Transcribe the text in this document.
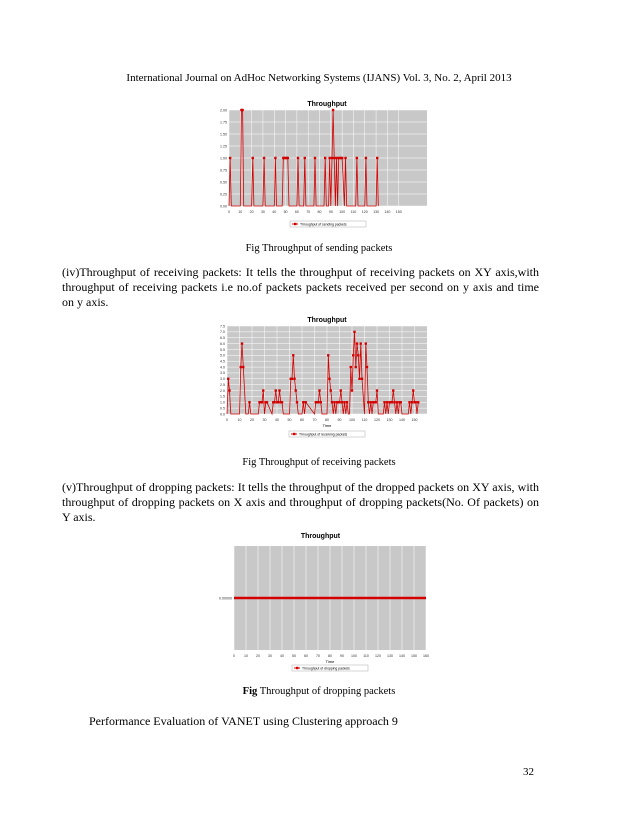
International Journal on AdHoc Networking Systems (IJANS) Vol. 3, No. 2, April 2013
Throughput
0 10 20 30 40 50 60 70 80 90 100 110 120 130 140 150
0.00
0.25
0.50
0.75
1.00
1.25
1.50
1.75
2.00
Throughput of sending packets
Fig Throughput of sending packets
(iv)Throughput of receiving packets: It tells the throughput of receiving packets on XY axis,with throughput of receiving packets i.e no.of packets packets received per second on y axis and time on y axis.
Throughput
0	10 20 30 40 50 60 70 80 90 100 110 120 130 140 150
0.0
0.5
1.0
1.5
2.0
2.5
3.0
3.5
4.0
4.5
5.0
5.5
6.0
6.5
7.0
7.5
Time
Throughput of receiving packets
Fig Throughput of receiving packets
(v)Throughput of dropping packets: It tells the throughput of the dropped packets on XY axis, with throughput of dropping packets on X axis and throughput of dropping packets(No. Of packets) on Y axis.
Throughput
0	10 20 30 40 50 60 70 80 90 100 110 120 130 140 150 160
0.00000
Time
Throughput of dropping packets
Fig Throughput of dropping packets
Performance Evaluation of VANET using Clustering approach 9
32
